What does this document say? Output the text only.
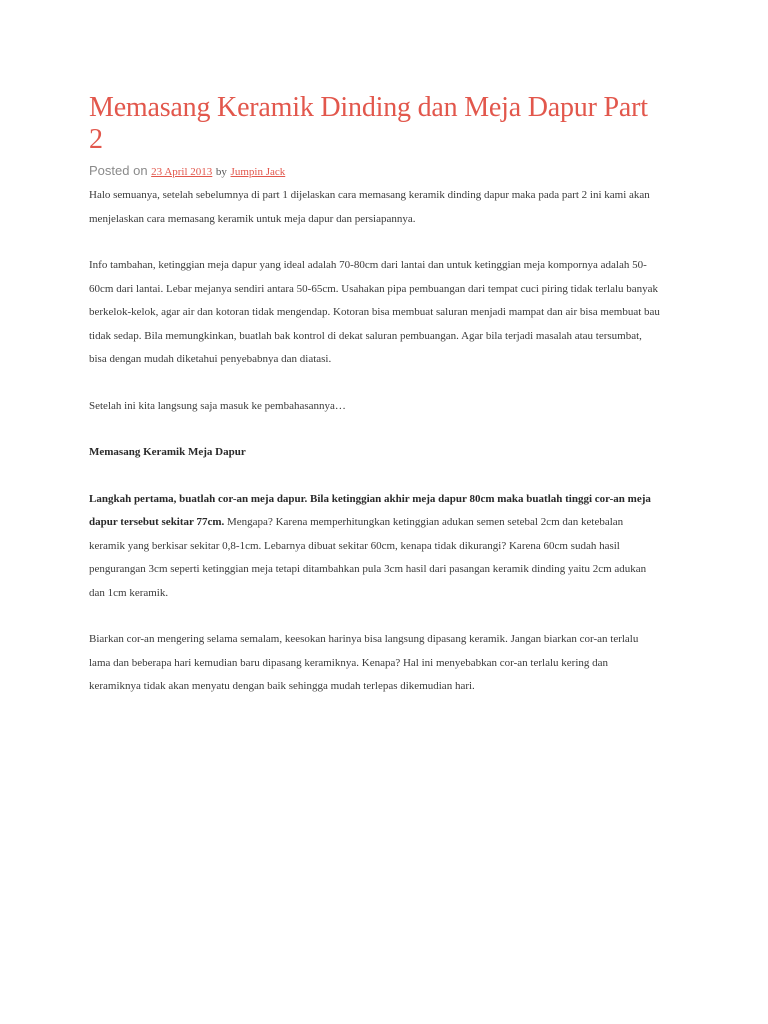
Memasang Keramik Dinding dan Meja Dapur Part 2
Posted on 23 April 2013 by Jumpin Jack

Halo semuanya, setelah sebelumnya di part 1 dijelaskan cara memasang keramik dinding dapur maka pada part 2 ini kami akan menjelaskan cara memasang keramik untuk meja dapur dan persiapannya.

Info tambahan, ketinggian meja dapur yang ideal adalah 70-80cm dari lantai dan untuk ketinggian meja kompornya adalah 50-60cm dari lantai. Lebar mejanya sendiri antara 50-65cm. Usahakan pipa pembuangan dari tempat cuci piring tidak terlalu banyak berkelok-kelok, agar air dan kotoran tidak mengendap. Kotoran bisa membuat saluran menjadi mampat dan air bisa membuat bau tidak sedap. Bila memungkinkan, buatlah bak kontrol di dekat saluran pembuangan. Agar bila terjadi masalah atau tersumbat, bisa dengan mudah diketahui penyebabnya dan diatasi.

Setelah ini kita langsung saja masuk ke pembahasannya…

Memasang Keramik Meja Dapur

Langkah pertama, buatlah cor-an meja dapur. Bila ketinggian akhir meja dapur 80cm maka buatlah tinggi cor-an meja dapur tersebut sekitar 77cm. Mengapa? Karena memperhitungkan ketinggian adukan semen setebal 2cm dan ketebalan keramik yang berkisar sekitar 0,8-1cm. Lebarnya dibuat sekitar 60cm, kenapa tidak dikurangi? Karena 60cm sudah hasil pengurangan 3cm seperti ketinggian meja tetapi ditambahkan pula 3cm hasil dari pasangan keramik dinding yaitu 2cm adukan dan 1cm keramik.

Biarkan cor-an mengering selama semalam, keesokan harinya bisa langsung dipasang keramik. Jangan biarkan cor-an terlalu lama dan beberapa hari kemudian baru dipasang keramiknya. Kenapa? Hal ini menyebabkan cor-an terlalu kering dan keramiknya tidak akan menyatu dengan baik sehingga mudah terlepas dikemudian hari.
